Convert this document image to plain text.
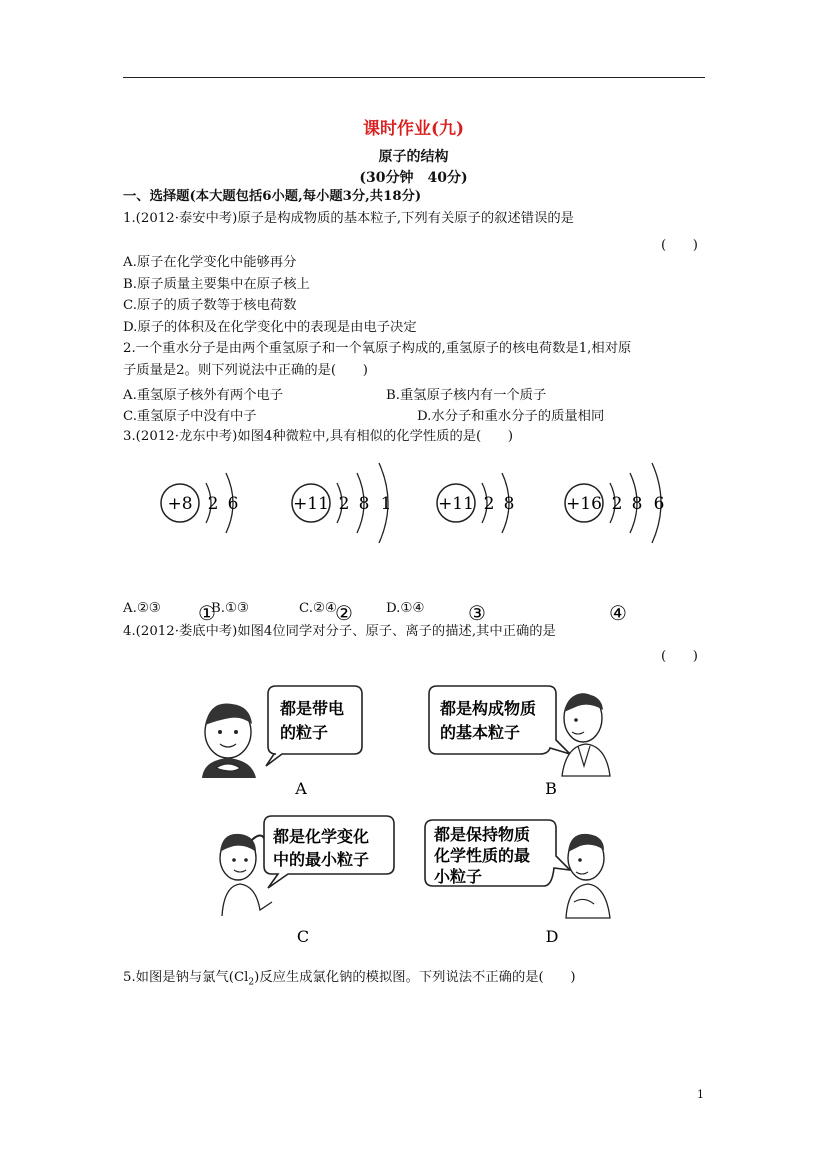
课时作业(九)
原子的结构
(30分钟　40分)
一、选择题(本大题包括6小题,每小题3分,共18分)
1.(2012·泰安中考)原子是构成物质的基本粒子,下列有关原子的叙述错误的是
(　　)
A.原子在化学变化中能够再分
B.原子质量主要集中在原子核上
C.原子的质子数等于核电荷数
D.原子的体积及在化学变化中的表现是由电子决定
2.一个重水分子是由两个重氢原子和一个氧原子构成的,重氢原子的核电荷数是1,相对原
子质量是2。则下列说法中正确的是(　　)
A.重氢原子核外有两个电子	B.重氢原子核内有一个质子
C.重氢原子中没有中子	D.水分子和重水分子的质量相同
3.(2012·龙东中考)如图4种微粒中,具有相似的化学性质的是(　　)
+8 2 6
①
+11 2 8 1
②
+11 2 8
③
+16 2 8 6
④
A.②③	B.①③	C.②④	D.①④
4.(2012·娄底中考)如图4位同学对分子、原子、离子的描述,其中正确的是
(　　)
都是带电
的粒子
A
都是构成物质
的基本粒子
B
都是化学变化
中的最小粒子
C
都是保持物质
化学性质的最
小粒子
D
5.如图是钠与氯气$(Cl_2)$反应生成氯化钠的模拟图。下列说法不正确的是(　　)
1
